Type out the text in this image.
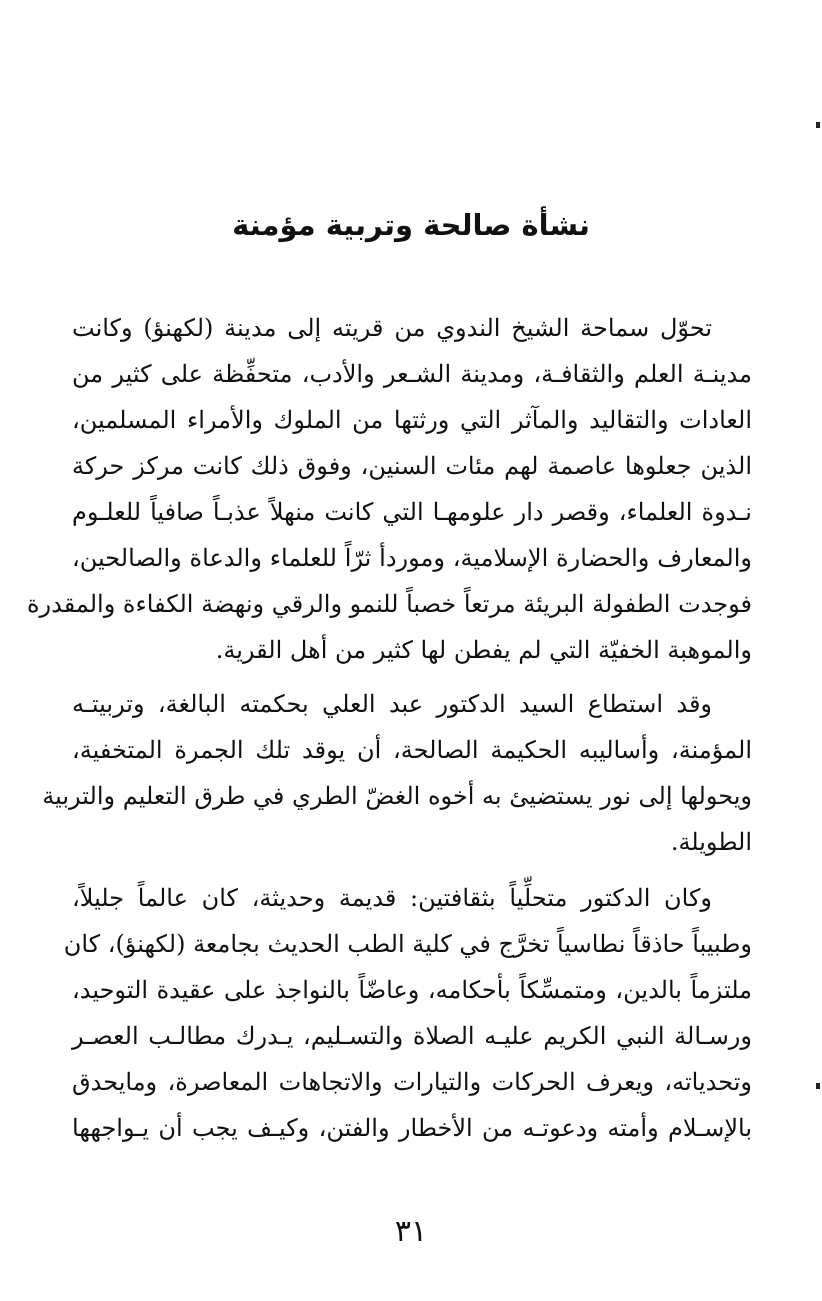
نشأة صالحة وتربية مؤمنة
تحوّل سماحة الشيخ الندوي من قريته إلى مدينة (لكهنؤ) وكانت
مدينـة العلم والثقافـة، ومدينة الشـعر والأدب، متحفِّظة على كثير من
العادات والتقاليد والمآثر التي ورثتها من الملوك والأمراء المسلمين،
الذين جعلوها عاصمة لهم مئات السنين، وفوق ذلك كانت مركز حركة
نـدوة العلماء، وقصر دار علومهـا التي كانت منهلاً عذبـاً صافياً للعلـوم
والمعارف والحضارة الإسلامية، وموردأ ثرّاً للعلماء والدعاة والصالحين،
فوجدت الطفولة البريئة مرتعاً خصباً للنمو والرقي ونهضة الكفاءة والمقدرة
والموهبة الخفيّة التي لم يفطن لها كثير من أهل القرية.
وقد استطاع السيد الدكتور عبد العلي بحكمته البالغة، وتربيتـه
المؤمنة، وأساليبه الحكيمة الصالحة، أن يوقد تلك الجمرة المتخفية،
ويحولها إلى نور يستضيئ به أخوه الغضّ الطري في طرق التعليم والتربية
الطويلة.
وكان الدكتور متحلِّياً بثقافتين: قديمة وحديثة، كان عالماً جليلاً،
وطبيباً حاذقاً نطاسياً تخرَّج في كلية الطب الحديث بجامعة (لكهنؤ)، كان
ملتزماً بالدين، ومتمسِّكاً بأحكامه، وعاضّاً بالنواجذ على عقيدة التوحيد،
ورسـالة النبي الكريم عليـه الصلاة والتسـليم، يـدرك مطالـب العصـر
وتحدياته، ويعرف الحركات والتيارات والاتجاهات المعاصرة، ومايحدق
بالإسـلام وأمته ودعوتـه من الأخطار والفتن، وكيـف يجب أن يـواجهها
٣١
